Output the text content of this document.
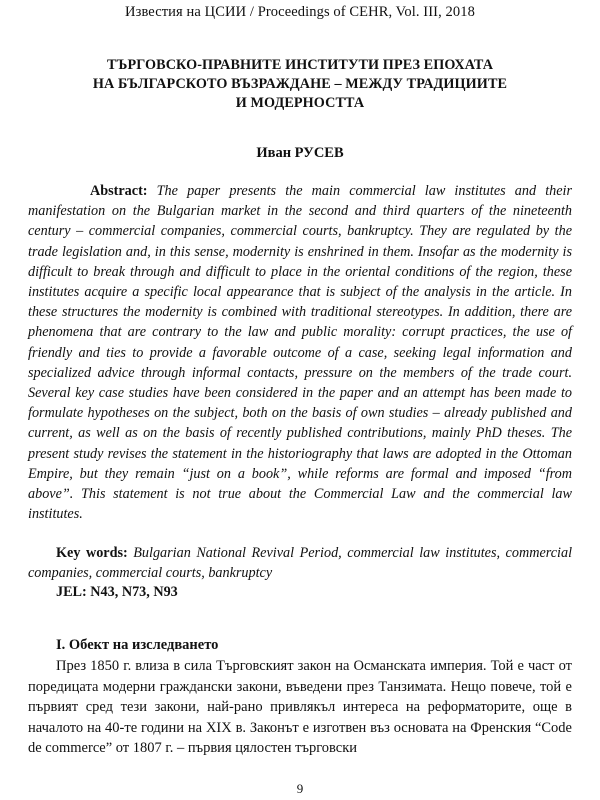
Известия на ЦСИИ / Proceedings of CEHR, Vol. III, 2018
ТЪРГОВСКО-ПРАВНИТЕ ИНСТИТУТИ ПРЕЗ ЕПОХАТА
НА БЪЛГАРСКОТО ВЪЗРАЖДАНЕ – МЕЖДУ ТРАДИЦИИТЕ
И МОДЕРНОСТТА
Иван РУСЕВ
Abstract: The paper presents the main commercial law institutes and their manifestation on the Bulgarian market in the second and third quarters of the nineteenth century – commercial companies, commercial courts, bankruptcy. They are regulated by the trade legislation and, in this sense, modernity is enshrined in them. Insofar as the modernity is difficult to break through and difficult to place in the oriental conditions of the region, these institutes acquire a specific local appearance that is subject of the analysis in the article. In these structures the modernity is combined with traditional stereotypes. In addition, there are phenomena that are contrary to the law and public morality: corrupt practices, the use of friendly and ties to provide a favorable outcome of a case, seeking legal information and specialized advice through informal contacts, pressure on the members of the trade court. Several key case studies have been considered in the paper and an attempt has been made to formulate hypotheses on the subject, both on the basis of own studies – already published and current, as well as on the basis of recently published contributions, mainly PhD theses. The present study revises the statement in the historiography that laws are adopted in the Ottoman Empire, but they remain “just on a book”, while reforms are formal and imposed “from above”. This statement is not true about the Commercial Law and the commercial law institutes.
Key words: Bulgarian National Revival Period, commercial law institutes, commercial companies, commercial courts, bankruptcy
JEL: N43, N73, N93
I. Обект на изследването
През 1850 г. влиза в сила Търговският закон на Османската империя. Той е част от поредицата модерни граждански закони, въведени през Танзимата. Нещо повече, той е първият сред тези закони, най-рано привлякъл интереса на реформаторите, още в началото на 40-те години на XIX в. Законът е изготвен въз основата на Френския “Code de commerce” от 1807 г. – първия цялостен търговски
9
